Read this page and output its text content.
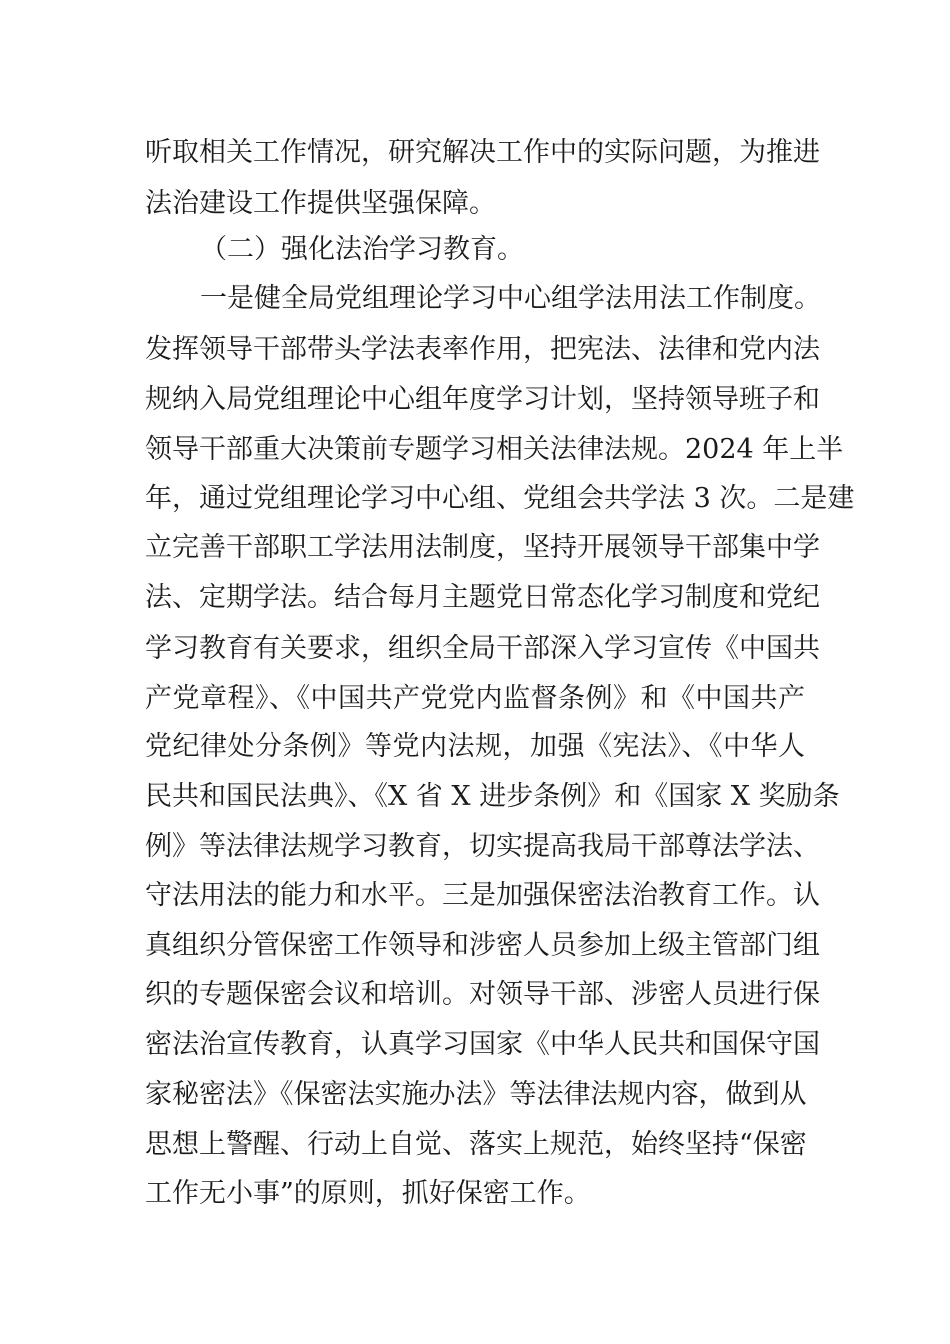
听取相关工作情况，研究解决工作中的实际问题，为推进
法治建设工作提供坚强保障。
（二）强化法治学习教育。
一是健全局党组理论学习中心组学法用法工作制度。
发挥领导干部带头学法表率作用，把宪法、法律和党内法
规纳入局党组理论中心组年度学习计划，坚持领导班子和
领导干部重大决策前专题学习相关法律法规。2024 年上半
年，通过党组理论学习中心组、党组会共学法 3 次。二是建
立完善干部职工学法用法制度，坚持开展领导干部集中学
法、定期学法。结合每月主题党日常态化学习制度和党纪
学习教育有关要求，组织全局干部深入学习宣传《中国共
产党章程》、《中国共产党党内监督条例》和《中国共产
党纪律处分条例》等党内法规，加强《宪法》、《中华人
民共和国民法典》、《X 省 X 进步条例》和《国家 X 奖励条
例》等法律法规学习教育，切实提高我局干部尊法学法、
守法用法的能力和水平。三是加强保密法治教育工作。认
真组织分管保密工作领导和涉密人员参加上级主管部门组
织的专题保密会议和培训。对领导干部、涉密人员进行保
密法治宣传教育，认真学习国家《中华人民共和国保守国
家秘密法》《保密法实施办法》等法律法规内容，做到从
思想上警醒、行动上自觉、落实上规范，始终坚持“保密
工作无小事”的原则，抓好保密工作。
